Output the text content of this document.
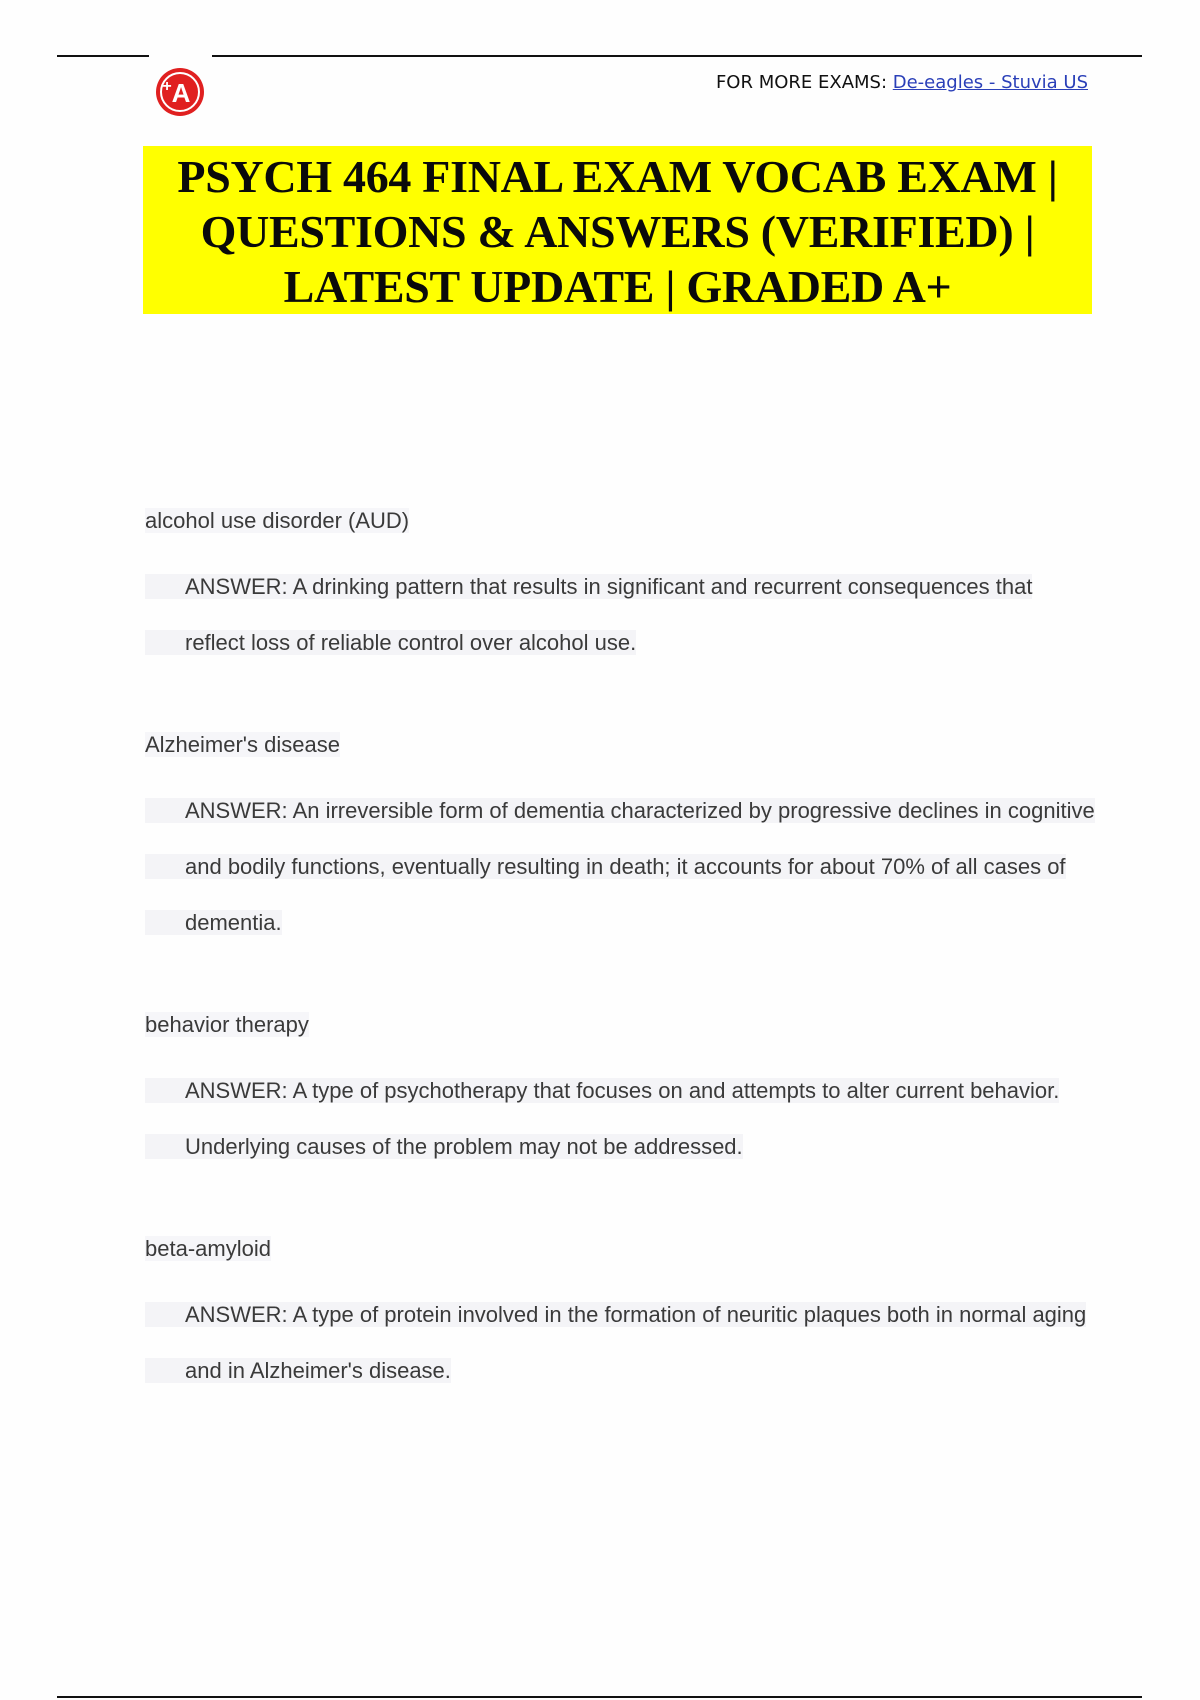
A
+	FOR MORE EXAMS: De-eagles - Stuvia US
PSYCH 464 FINAL EXAM VOCAB EXAM |
QUESTIONS & ANSWERS (VERIFIED) |
LATEST UPDATE | GRADED A+
alcohol use disorder (AUD)
ANSWER: A drinking pattern that results in significant and recurrent consequences that reflect loss of reliable control over alcohol use.
Alzheimer's disease
ANSWER: An irreversible form of dementia characterized by progressive declines in cognitive and bodily functions, eventually resulting in death; it accounts for about 70% of all cases of dementia.
behavior therapy
ANSWER: A type of psychotherapy that focuses on and attempts to alter current behavior. Underlying causes of the problem may not be addressed.
beta-amyloid
ANSWER: A type of protein involved in the formation of neuritic plaques both in normal aging and in Alzheimer's disease.
